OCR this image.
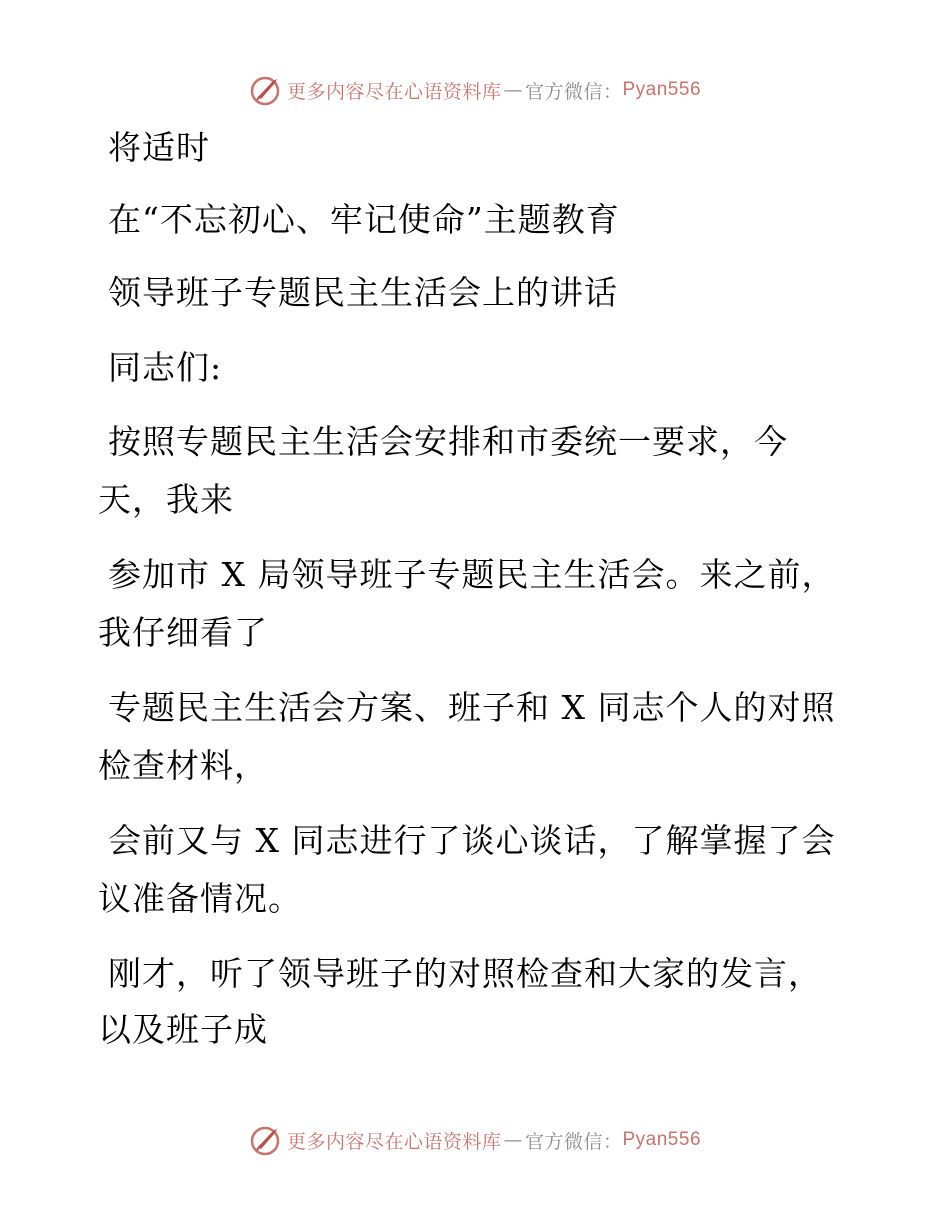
更多内容尽在心语资料库 — 官方微信： Pyan556
将适时
在“不忘初心、牢记使命”主题教育
领导班子专题民主生活会上的讲话
同志们:
按照专题民主生活会安排和市委统一要求，今
天，我来
参加市 X 局领导班子专题民主生活会。来之前，
我仔细看了
专题民主生活会方案、班子和 X 同志个人的对照
检查材料，
会前又与 X 同志进行了谈心谈话，了解掌握了会
议准备情况。
刚才，听了领导班子的对照检查和大家的发言，
以及班子成
更多内容尽在心语资料库 — 官方微信： Pyan556
